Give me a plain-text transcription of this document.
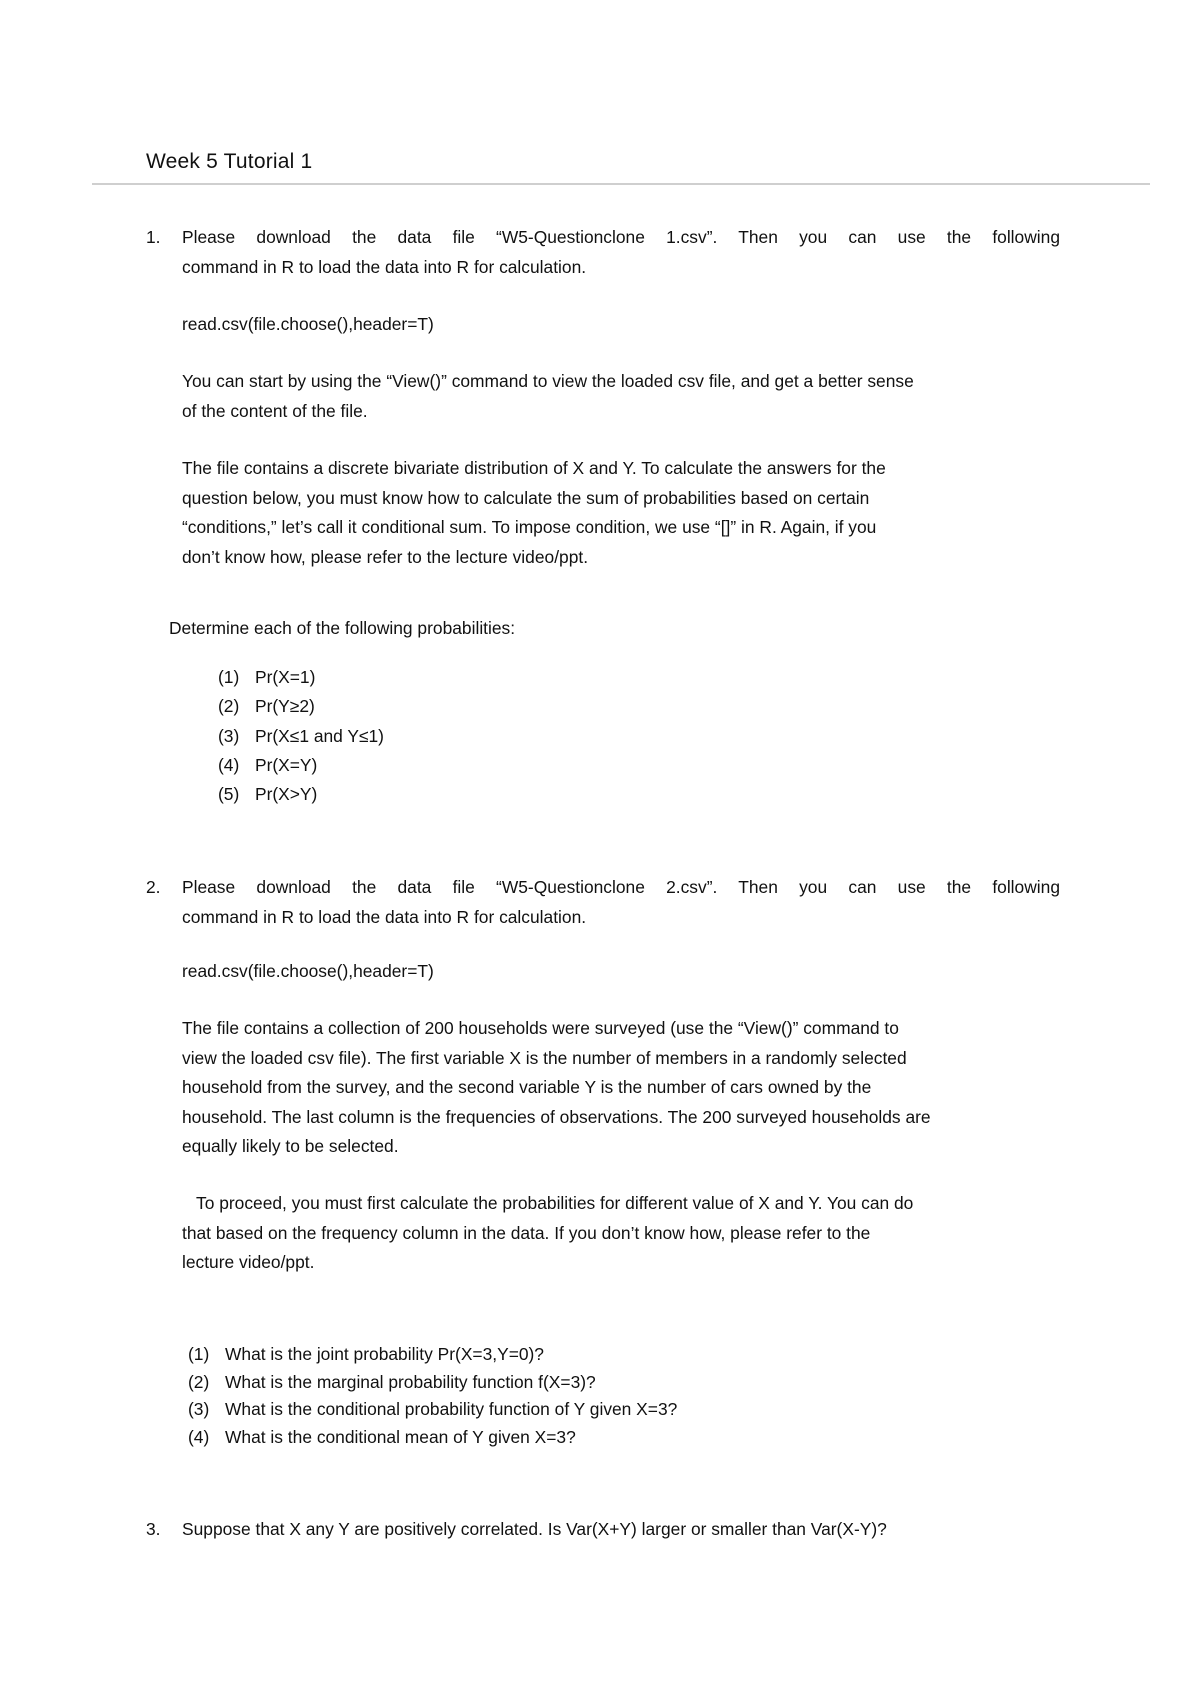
Week 5 Tutorial 1
1. Please download the data file “W5-Questionclone 1.csv”. Then you can use the following
command in R to load the data into R for calculation.
read.csv(file.choose(),header=T)
You can start by using the “View()” command to view the loaded csv file, and get a better sense
of the content of the file.
The file contains a discrete bivariate distribution of X and Y. To calculate the answers for the
question below, you must know how to calculate the sum of probabilities based on certain
“conditions,” let’s call it conditional sum. To impose condition, we use “[]” in R. Again, if you
don’t know how, please refer to the lecture video/ppt.
Determine each of the following probabilities:
(1) Pr(X=1)
(2) Pr(Y≥2)
(3) Pr(X≤1 and Y≤1)
(4) Pr(X=Y)
(5) Pr(X>Y)
2. Please download the data file “W5-Questionclone 2.csv”. Then you can use the following
command in R to load the data into R for calculation.
read.csv(file.choose(),header=T)
The file contains a collection of 200 households were surveyed (use the “View()” command to
view the loaded csv file). The first variable X is the number of members in a randomly selected
household from the survey, and the second variable Y is the number of cars owned by the
household. The last column is the frequencies of observations. The 200 surveyed households are
equally likely to be selected.
To proceed, you must first calculate the probabilities for different value of X and Y. You can do
that based on the frequency column in the data. If you don’t know how, please refer to the
lecture video/ppt.
(1) What is the joint probability Pr(X=3,Y=0)?
(2) What is the marginal probability function f(X=3)?
(3) What is the conditional probability function of Y given X=3?
(4) What is the conditional mean of Y given X=3?
3. Suppose that X any Y are positively correlated. Is Var(X+Y) larger or smaller than Var(X-Y)?
